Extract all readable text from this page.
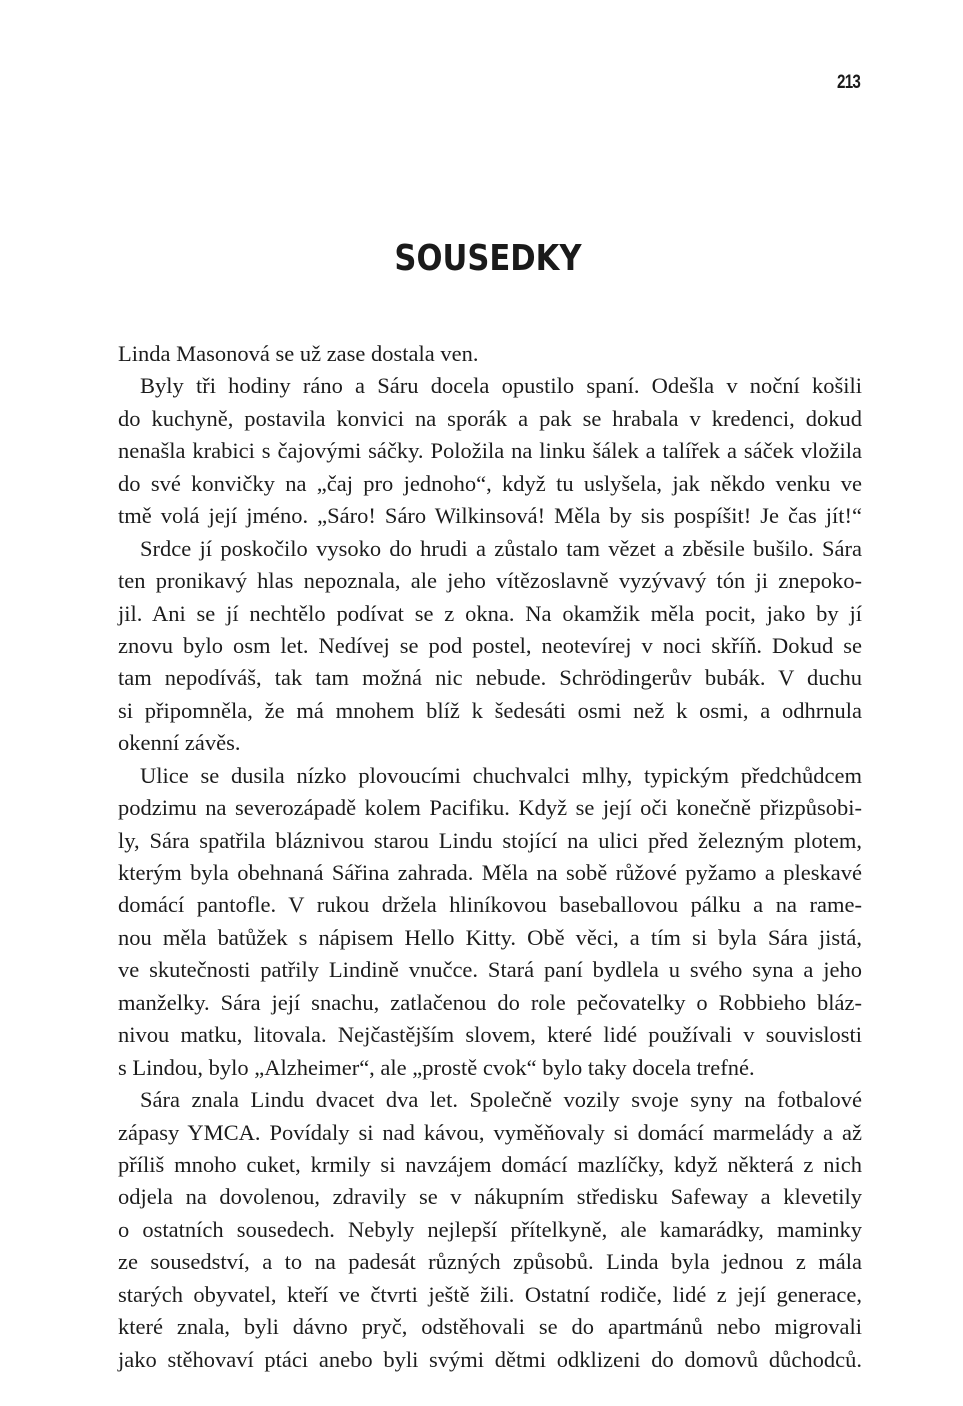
213
SOUSEDKY
Linda Masonová se už zase dostala ven.
Byly tři hodiny ráno a Sáru docela opustilo spaní. Odešla v noční košili
do kuchyně, postavila konvici na sporák a pak se hrabala v kredenci, dokud
nenašla krabici s čajovými sáčky. Položila na linku šálek a talířek a sáček vložila
do své konvičky na „čaj pro jednoho“, když tu uslyšela, jak někdo venku ve
tmě volá její jméno. „Sáro! Sáro Wilkinsová! Měla by sis pospíšit! Je čas jít!“
Srdce jí poskočilo vysoko do hrudi a zůstalo tam vězet a zběsile bušilo. Sára
ten pronikavý hlas nepoznala, ale jeho vítězoslavně vyzývavý tón ji znepoko-
jil. Ani se jí nechtělo podívat se z okna. Na okamžik měla pocit, jako by jí
znovu bylo osm let. Nedívej se pod postel, neotevírej v noci skříň. Dokud se
tam nepodíváš, tak tam možná nic nebude. Schrödingerův bubák. V duchu
si připomněla, že má mnohem blíž k šedesáti osmi než k osmi, a odhrnula
okenní závěs.
Ulice se dusila nízko plovoucími chuchvalci mlhy, typickým předchůdcem
podzimu na severozápadě kolem Pacifiku. Když se její oči konečně přizpůsobi-
ly, Sára spatřila bláznivou starou Lindu stojící na ulici před železným plotem,
kterým byla obehnaná Sářina zahrada. Měla na sobě růžové pyžamo a pleskavé
domácí pantofle. V rukou držela hliníkovou baseballovou pálku a na rame-
nou měla batůžek s nápisem Hello Kitty. Obě věci, a tím si byla Sára jistá,
ve skutečnosti patřily Lindině vnučce. Stará paní bydlela u svého syna a jeho
manželky. Sára její snachu, zatlačenou do role pečovatelky o Robbieho bláz-
nivou matku, litovala. Nejčastějším slovem, které lidé používali v souvislosti
s Lindou, bylo „Alzheimer“, ale „prostě cvok“ bylo taky docela trefné.
Sára znala Lindu dvacet dva let. Společně vozily svoje syny na fotbalové
zápasy YMCA. Povídaly si nad kávou, vyměňovaly si domácí marmelády a až
příliš mnoho cuket, krmily si navzájem domácí mazlíčky, když některá z nich
odjela na dovolenou, zdravily se v nákupním středisku Safeway a klevetily
o ostatních sousedech. Nebyly nejlepší přítelkyně, ale kamarádky, maminky
ze sousedství, a to na padesát různých způsobů. Linda byla jednou z mála
starých obyvatel, kteří ve čtvrti ještě žili. Ostatní rodiče, lidé z její generace,
které znala, byli dávno pryč, odstěhovali se do apartmánů nebo migrovali
jako stěhovaví ptáci anebo byli svými dětmi odklizeni do domovů důchodců.
